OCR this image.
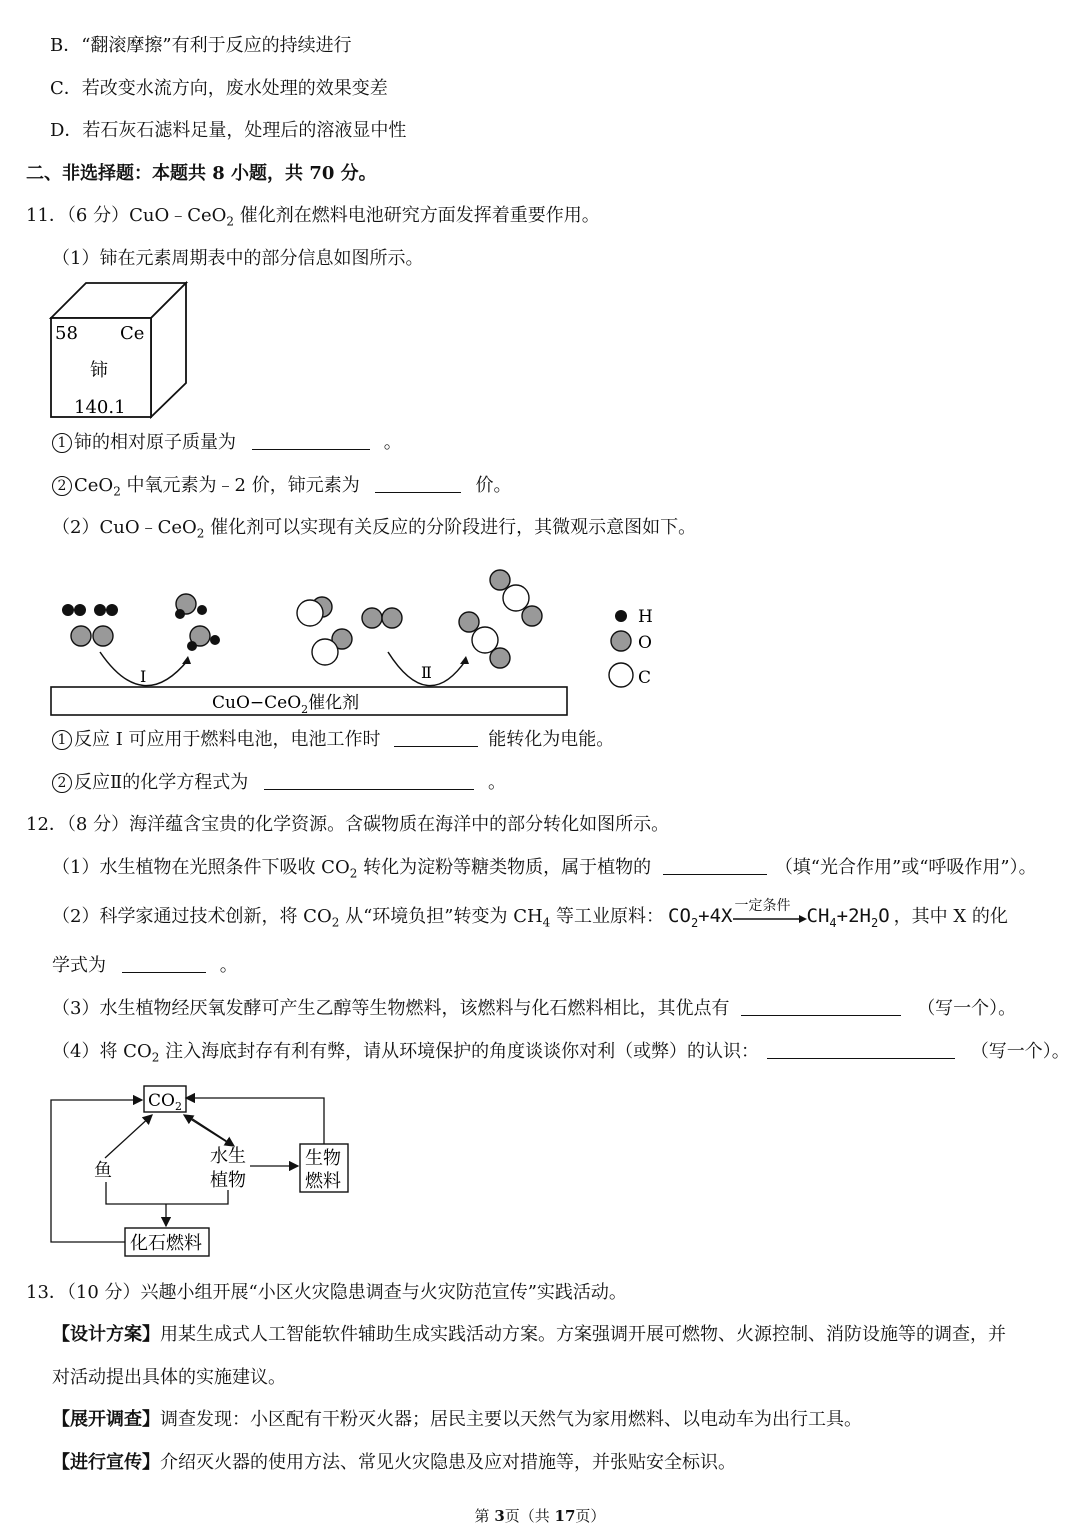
B．“翻滚摩擦”有利于反应的持续进行
C．若改变水流方向，废水处理的效果变差
D．若石灰石滤料足量，处理后的溶液显中性
二、非选择题：本题共 8 小题，共 70 分。
11．（6 分）CuO﹣CeO$_2$ 催化剂在燃料电池研究方面发挥着重要作用。
（1）铈在元素周期表中的部分信息如图所示。
58 Ce
铈
140.1
1 铈的相对原子质量为	。
2 CeO$_2$ 中氧元素为﹣2 价，铈元素为	价。
（2）CuO﹣CeO$_2$ 催化剂可以实现有关反应的分阶段进行，其微观示意图如下。
CuO−CeO$_2$催化剂
I	Ⅱ
H
O
C
1 反应 I 可应用于燃料电池，电池工作时	能转化为电能。
2 反应Ⅱ的化学方程式为	。
12．（8 分）海洋蕴含宝贵的化学资源。含碳物质在海洋中的部分转化如图所示。
（1）水生植物在光照条件下吸收 $CO_2$ 转化为淀粉等糖类物质，属于植物的	（填“光合作用”或“呼吸作用”）。
（2）科学家通过技术创新，将 $CO_2$ 从“环境负担”转变为 $CH_4$ 等工业原料： $CO_2+4X$
一定条件
$CH_4+2H_2O$ ，其中 X 的化
学式为	。
（3）水生植物经厌氧发酵可产生乙醇等生物燃料，该燃料与化石燃料相比，其优点有	（写一个）。
（4）将 $CO_2$ 注入海底封存有利有弊，请从环境保护的角度谈谈你对利（或弊）的认识：	（写一个）。
$CO_2$
鱼
水生
植物
生物
燃料
化石燃料
13．（10 分）兴趣小组开展“小区火灾隐患调查与火灾防范宣传”实践活动。
【设计方案】用某生成式人工智能软件辅助生成实践活动方案。方案强调开展可燃物、火源控制、消防设施等的调查，并
对活动提出具体的实施建议。
【展开调查】调查发现：小区配有干粉灭火器；居民主要以天然气为家用燃料、以电动车为出行工具。
【进行宣传】介绍灭火器的使用方法、常见火灾隐患及应对措施等，并张贴安全标识。
第 3页（共 17页）
